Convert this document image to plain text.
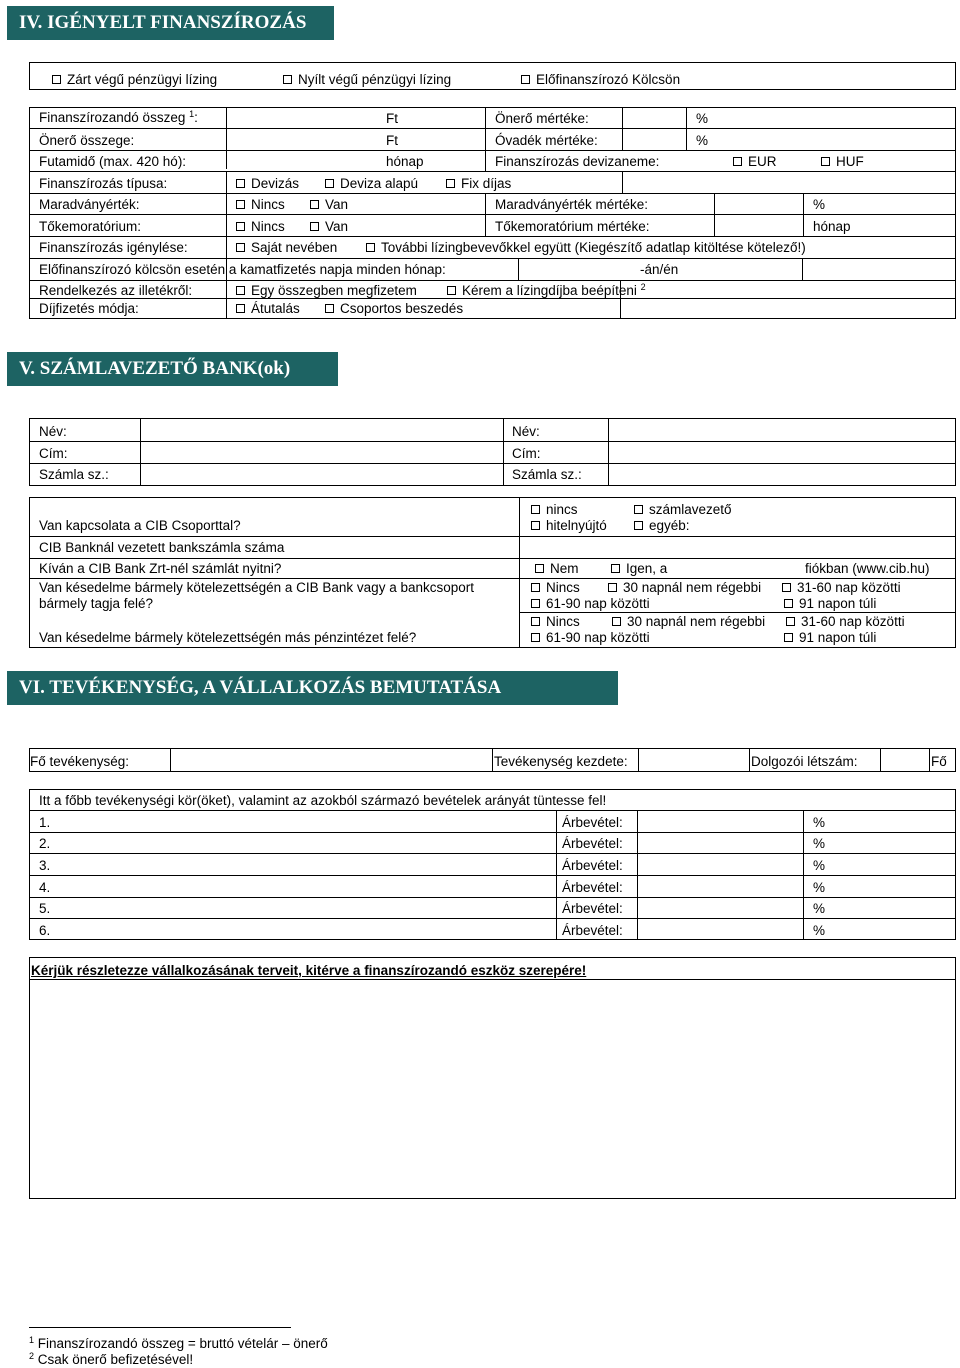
IV. IGÉNYELT FINANSZÍROZÁS
Zárt végű pénzügyi lízing	Nyílt végű pénzügyi lízing	Előfinanszírozó Kölcsön
Finanszírozandó összeg $^1$:	Ft	Önerő mértéke:	%
Önerő összege:	Ft	Óvadék mértéke:	%
Futamidő (max. 420 hó):	hónap	Finanszírozás devizaneme:	EUR	HUF
Finanszírozás típusa:	Devizás	Deviza alapú	Fix díjas
Maradványérték:	Nincs	Van	Maradványérték mértéke:	%
Tőkemoratórium:	Nincs	Van	Tőkemoratórium mértéke:	hónap
Finanszírozás igénylése:	Saját nevében	További lízingbevevőkkel együtt (Kiegészítő adatlap kitöltése kötelező!)
Előfinanszírozó kölcsön esetén a kamatfizetés napja minden hónap:	-án/én
Rendelkezés az illetékről:	Egy összegben megfizetem	Kérem a lízingdíjba beépíteni $^2$
Díjfizetés módja:	Átutalás	Csoportos beszedés
V. SZÁMLAVEZETŐ BANK(ok)
Név:
Cím:
Számla sz.:
Név:
Cím:
Számla sz.:
Van kapcsolata a CIB Csoporttal?
nincs	számlavezető
hitelnyújtó	egyéb:
CIB Banknál vezetett bankszámla száma
Kíván a CIB Bank Zrt-nél számlát nyitni?	Nem	Igen, a	fiókban (www.cib.hu)
Van késedelme bármely kötelezettségén a CIB Bank vagy a bankcsoport
bármely tagja felé?
Nincs	30 napnál nem régebbi	31-60 nap közötti
61-90 nap közötti	91 napon túli
Van késedelme bármely kötelezettségén más pénzintézet felé?
Nincs	30 napnál nem régebbi	31-60 nap közötti
61-90 nap közötti	91 napon túli
VI. TEVÉKENYSÉG, A VÁLLALKOZÁS BEMUTATÁSA
Fő tevékenység:	Tevékenység kezdete:	Dolgozói létszám:	Fő
Itt a főbb tevékenységi kör(öket), valamint az azokból származó bevételek arányát tüntesse fel!
1.	Árbevétel:	%
2.	Árbevétel:	%
3.	Árbevétel:	%
4.	Árbevétel:	%
5.	Árbevétel:	%
6.	Árbevétel:	%
Kérjük részletezze vállalkozásának terveit, kitérve a finanszírozandó eszköz szerepére!
$^1$ Finanszírozandó összeg = bruttó vételár – önerő
$^2$ Csak önerő befizetésével!
